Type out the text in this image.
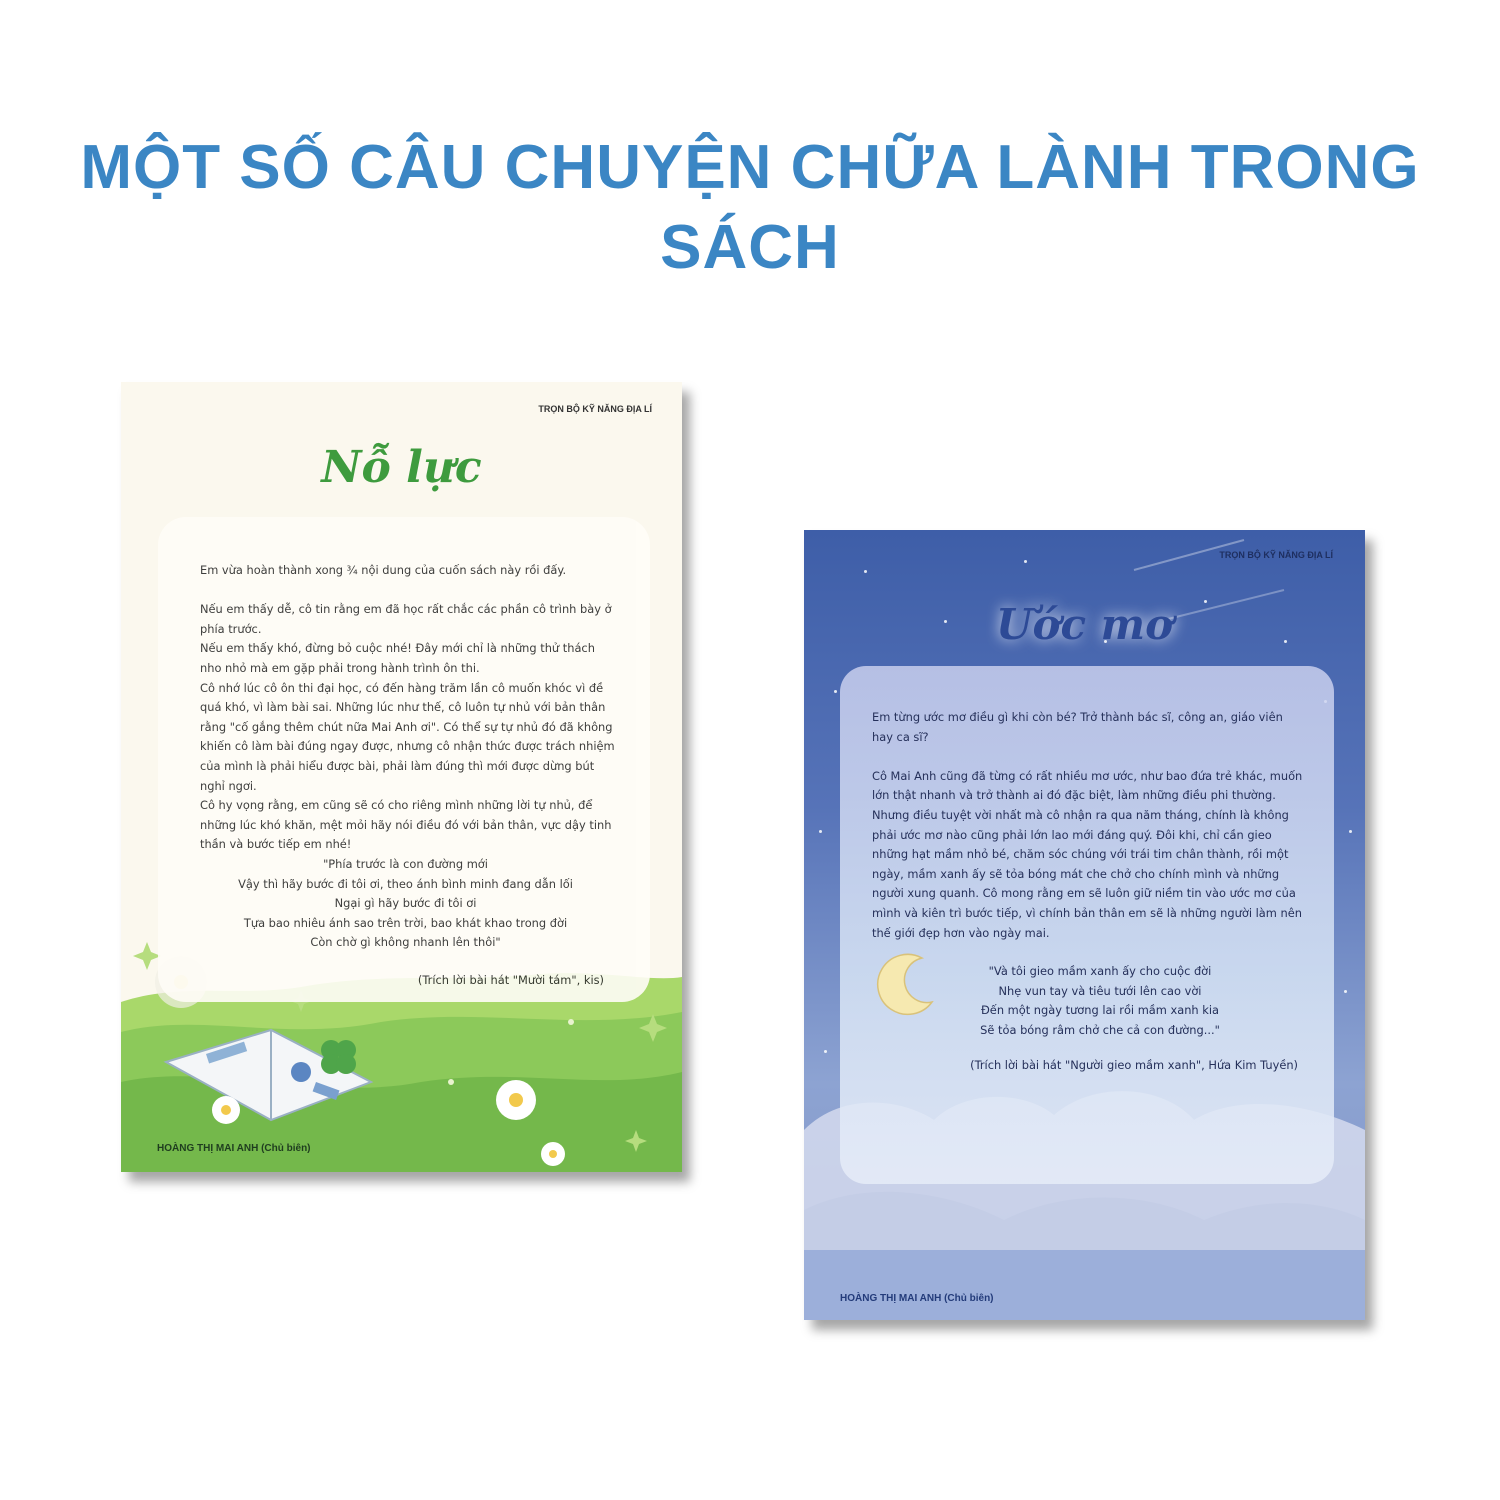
MỘT SỐ CÂU CHUYỆN CHỮA LÀNH TRONG SÁCH
TRỌN BỘ KỸ NĂNG ĐỊA LÍ
Nỗ lực

Em vừa hoàn thành xong ¾ nội dung của cuốn sách này rồi đấy.

Nếu em thấy dễ, cô tin rằng em đã học rất chắc các phần cô trình bày ở phía trước.

Nếu em thấy khó, đừng bỏ cuộc nhé! Đây mới chỉ là những thử thách nho nhỏ mà em gặp phải trong hành trình ôn thi.

Cô nhớ lúc cô ôn thi đại học, có đến hàng trăm lần cô muốn khóc vì đề quá khó, vì làm bài sai. Những lúc như thế, cô luôn tự nhủ với bản thân rằng "cố gắng thêm chút nữa Mai Anh ơi". Có thể sự tự nhủ đó đã không khiến cô làm bài đúng ngay được, nhưng cô nhận thức được trách nhiệm của mình là phải hiểu được bài, phải làm đúng thì mới được dừng bút nghỉ ngơi.

Cô hy vọng rằng, em cũng sẽ có cho riêng mình những lời tự nhủ, để những lúc khó khăn, mệt mỏi hãy nói điều đó với bản thân, vực dậy tinh thần và bước tiếp em nhé!

"Phía trước là con đường mới
Vậy thì hãy bước đi tôi ơi, theo ánh bình minh đang dẫn lối
Ngại gì hãy bước đi tôi ơi
Tựa bao nhiêu ánh sao trên trời, bao khát khao trong đời
Còn chờ gì không nhanh lên thôi"
(Trích lời bài hát "Mười tám", kis)
HOÀNG THỊ MAI ANH (Chủ biên)
TRỌN BỘ KỸ NĂNG ĐỊA LÍ
Ước mơ

Em từng ước mơ điều gì khi còn bé? Trở thành bác sĩ, công an, giáo viên hay ca sĩ?

Cô Mai Anh cũng đã từng có rất nhiều mơ ước, như bao đứa trẻ khác, muốn lớn thật nhanh và trở thành ai đó đặc biệt, làm những điều phi thường. Nhưng điều tuyệt vời nhất mà cô nhận ra qua năm tháng, chính là không phải ước mơ nào cũng phải lớn lao mới đáng quý. Đôi khi, chỉ cần gieo những hạt mầm nhỏ bé, chăm sóc chúng với trái tim chân thành, rồi một ngày, mầm xanh ấy sẽ tỏa bóng mát che chở cho chính mình và những người xung quanh. Cô mong rằng em sẽ luôn giữ niềm tin vào ước mơ của mình và kiên trì bước tiếp, vì chính bản thân em sẽ là những người làm nên thế giới đẹp hơn vào ngày mai.

"Và tôi gieo mầm xanh ấy cho cuộc đời
Nhẹ vun tay và tiêu tưới lên cao vời
Đến một ngày tương lai rồi mầm xanh kia
Sẽ tỏa bóng râm chở che cả con đường..."
(Trích lời bài hát "Người gieo mầm xanh", Hứa Kim Tuyền)
HOÀNG THỊ MAI ANH (Chủ biên)
